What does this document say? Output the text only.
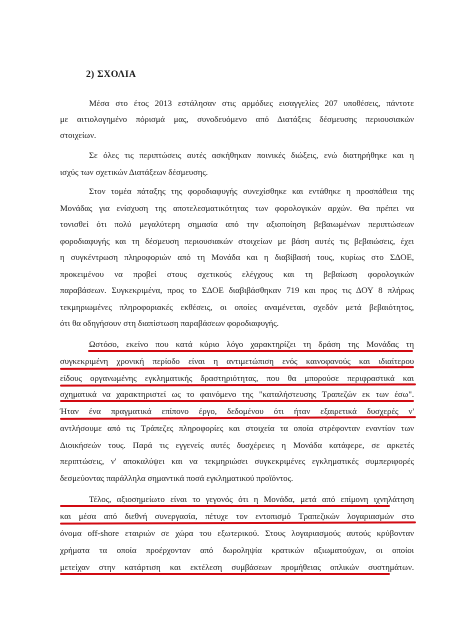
2) ΣΧΟΛΙΑ
Μέσα στο έτος 2013 εστάλησαν στις αρμόδιες εισαγγελίες 207 υποθέσεις, πάντοτε
με αιτιολογημένο πόρισμά μας, συνοδευόμενο από Διατάξεις δέσμευσης περιουσιακών
στοιχείων.
Σε όλες τις περιπτώσεις αυτές ασκήθηκαν ποινικές διώξεις, ενώ διατηρήθηκε και η
ισχύς των σχετικών Διατάξεων δέσμευσης.
Στον τομέα πάταξης της φοροδιαφυγής συνεχίσθηκε και εντάθηκε η προσπάθεια της
Μονάδας για ενίσχυση της αποτελεσματικότητας των φορολογικών αρχών. Θα πρέπει να
τονισθεί ότι πολύ μεγαλύτερη σημασία από την αξιοποίηση βεβαιωμένων περιπτώσεων
φοροδιαφυγής και τη δέσμευση περιουσιακών στοιχείων με βάση αυτές τις βεβαιώσεις, έχει
η συγκέντρωση πληροφοριών από τη Μονάδα και η διαβίβασή τους, κυρίως στο ΣΔΟΕ,
προκειμένου να προβεί στους σχετικούς ελέγχους και τη βεβαίωση φορολογικών
παραβάσεων. Συγκεκριμένα, προς το ΣΔΟΕ διαβιβάσθηκαν 719 και προς τις ΔΟΥ 8 πλήρως
τεκμηριωμένες πληροφοριακές εκθέσεις, οι οποίες αναμένεται, σχεδόν μετά βεβαιότητος,
ότι θα οδηγήσουν στη διαπίστωση παραβάσεων φοροδιαφυγής.
Ωστόσο, εκείνο που κατά κύριο λόγο χαρακτηρίζει τη δράση της Μονάδας τη
συγκεκριμένη χρονική περίοδο είναι η αντιμετώπιση ενός καινοφανούς και ιδιαίτερου
είδους οργανωμένης εγκληματικής δραστηριότητας, που θα μπορούσε περιφραστικά και
σχηματικά να χαρακτηριστεί ως το φαινόμενο της "καταλήστευσης Τραπεζών εκ των έσω".
Ήταν ένα πραγματικά επίπονο έργο, δεδομένου ότι ήταν εξαιρετικά δυσχερές ν'
αντλήσουμε από τις Τράπεζες πληροφορίες και στοιχεία τα οποία στρέφονταν εναντίον των
Διοικήσεών τους. Παρά τις εγγενείς αυτές δυσχέρειες η Μονάδα κατάφερε, σε αρκετές
περιπτώσεις, ν' αποκαλύψει και να τεκμηριώσει συγκεκριμένες εγκληματικές συμπεριφορές
δεσμεύοντας παράλληλα σημαντικά ποσά εγκληματικού προϊόντος.
Τέλος, αξιοσημείωτο είναι το γεγονός ότι η Μονάδα, μετά από επίμονη ιχνηλάτηση
και μέσα από διεθνή συνεργασία, πέτυχε τον εντοπισμό Τραπεζικών λογαριασμών στο
όνομα off-shore εταιριών σε χώρα του εξωτερικού. Στους λογαριασμούς αυτούς κρύβονταν
χρήματα τα οποία προέρχονταν από δωροληψία κρατικών αξιωματούχων, οι οποίοι
μετείχαν στην κατάρτιση και εκτέλεση συμβάσεων προμήθειας οπλικών συστημάτων.
